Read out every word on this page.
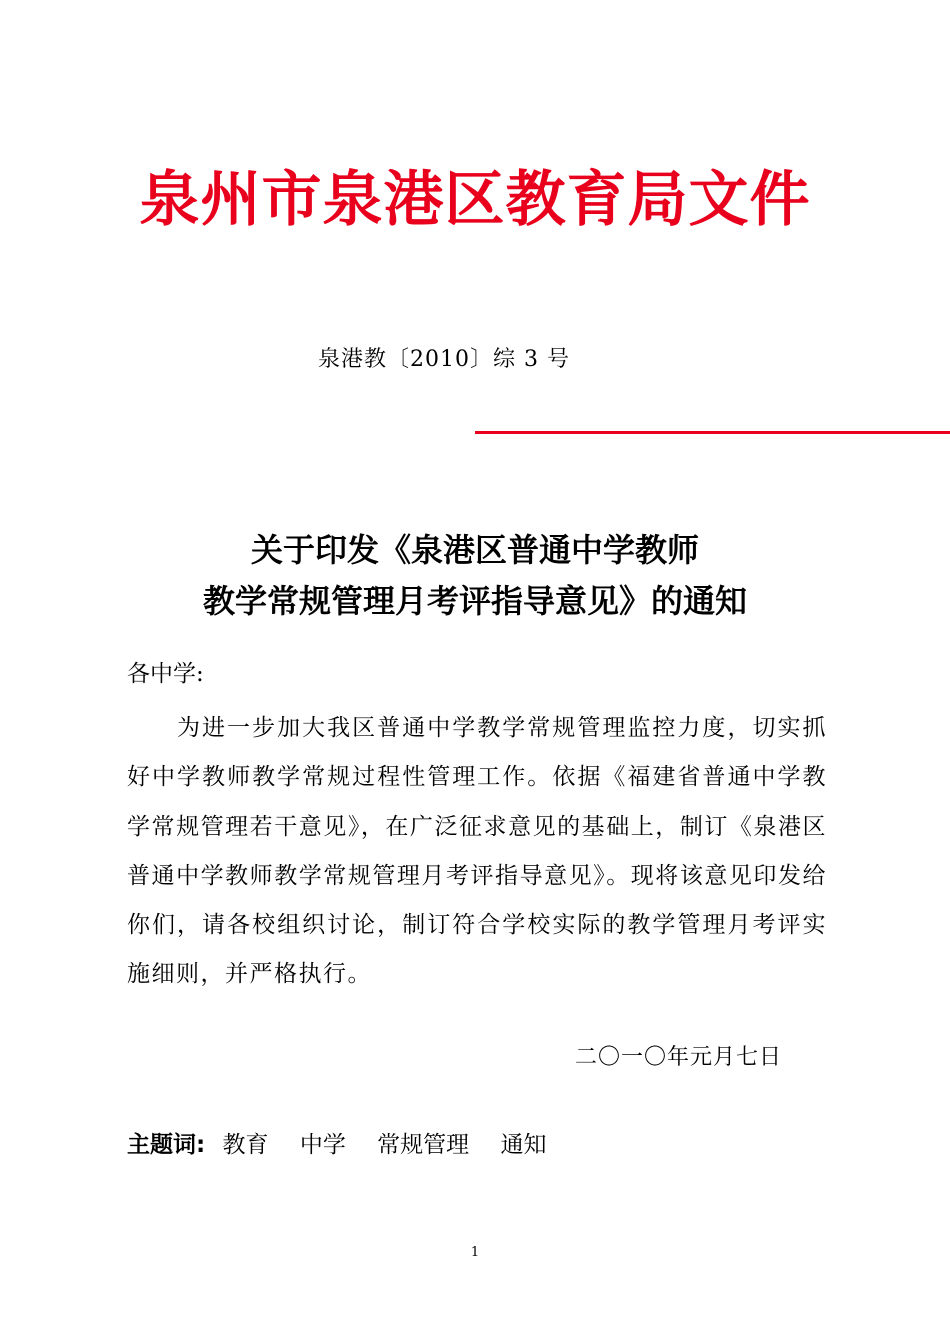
泉州市泉港区教育局文件
泉港教〔2010〕综 3 号
关于印发《泉港区普通中学教师
教学常规管理月考评指导意见》的通知
各中学:
为进一步加大我区普通中学教学常规管理监控力度，切实抓好中学教师教学常规过程性管理工作。依据《福建省普通中学教学常规管理若干意见》，在广泛征求意见的基础上，制订《泉港区普通中学教师教学常规管理月考评指导意见》。现将该意见印发给你们，请各校组织讨论，制订符合学校实际的教学管理月考评实施细则，并严格执行。
二〇一〇年元月七日
主题词: 教育 中学 常规管理 通知
1
